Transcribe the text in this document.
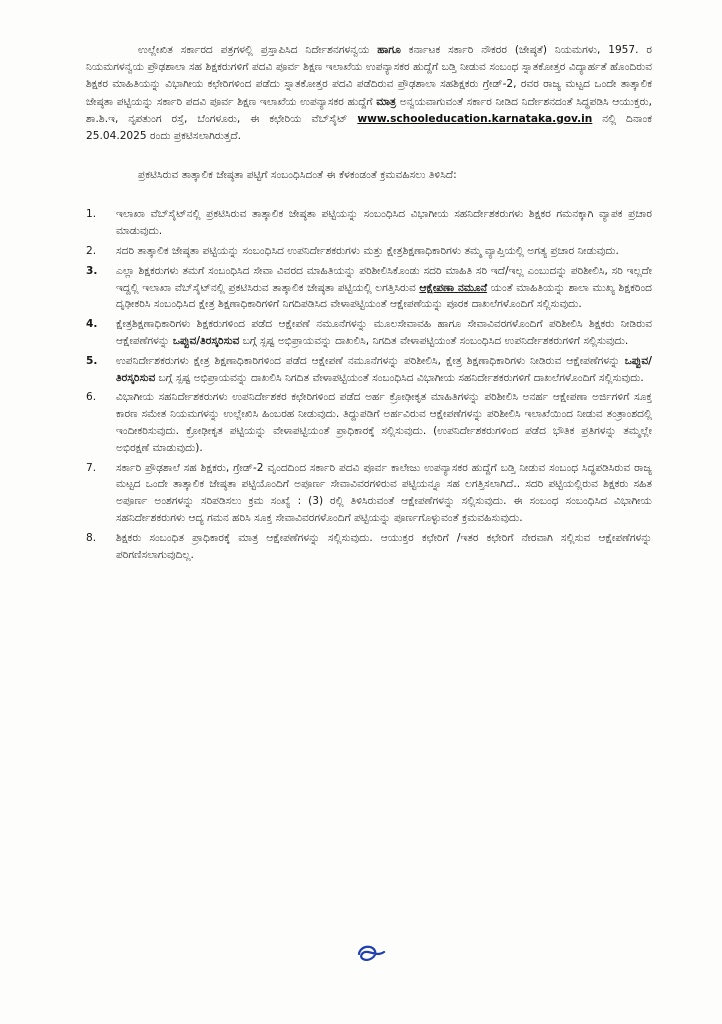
ಉಲ್ಲೇಖಿತ ಸರ್ಕಾರದ ಪತ್ರಗಳಲ್ಲಿ ಪ್ರಸ್ತಾಪಿಸಿದ ನಿರ್ದೇಶನಗಳನ್ವಯ ಹಾಗೂ ಕರ್ನಾಟಕ ಸರ್ಕಾರಿ ನೌಕರರ (ಜೇಷ್ಠತೆ) ನಿಯಮಗಳು, 1957. ರ ನಿಯಮಗಳನ್ವಯ ಪ್ರೌಢಶಾಲಾ ಸಹ ಶಿಕ್ಷಕರುಗಳಿಗೆ ಪದವಿ ಪೂರ್ವ ಶಿಕ್ಷಣ ಇಲಾಖೆಯ ಉಪನ್ಯಾಸಕರ ಹುದ್ದೆಗೆ ಬಡ್ತಿ ನೀಡುವ ಸಂಬಂಧ ಸ್ನಾತಕೋತ್ತರ ವಿದ್ಯಾರ್ಹತೆ ಹೊಂದಿರುವ ಶಿಕ್ಷಕರ ಮಾಹಿತಿಯನ್ನು ವಿಭಾಗೀಯ ಕಛೇರಿಗಳಿಂದ ಪಡೆದು ಸ್ನಾತಕೋತ್ತರ ಪದವಿ ಪಡೆದಿರುವ ಪ್ರೌಢಶಾಲಾ ಸಹಶಿಕ್ಷಕರು ಗ್ರೇಡ್-2, ರವರ ರಾಜ್ಯ ಮಟ್ಟದ ಒಂದೇ ತಾತ್ಕಾಲಿಕ ಜೇಷ್ಠತಾ ಪಟ್ಟಿಯನ್ನು ಸರ್ಕಾರಿ ಪದವಿ ಪೂರ್ವ ಶಿಕ್ಷಣ ಇಲಾಖೆಯ ಉಪನ್ಯಾಸಕರ ಹುದ್ದೆಗೆ ಮಾತ್ರ ಅನ್ವಯವಾಗುವಂತೆ ಸರ್ಕಾರ ನೀಡಿದ ನಿರ್ದೇಶನದಂತೆ ಸಿದ್ಧಪಡಿಸಿ ಆಯುಕ್ತರು, ಶಾ.ಶಿ.ಇ, ನೃಪತುಂಗ ರಸ್ತೆ, ಬೆಂಗಳೂರು, ಈ ಕಛೇರಿಯ ವೆಬ್‌ಸೈಟ್ www.schooleducation.karnataka.gov.in ನಲ್ಲಿ ದಿನಾಂಕ 25.04.2025 ರಂದು ಪ್ರಕಟಿಸಲಾಗಿರುತ್ತದೆ.

ಪ್ರಕಟಿಸಿರುವ ತಾತ್ಕಾಲಿಕ ಜೇಷ್ಠತಾ ಪಟ್ಟಿಗೆ ಸಂಬಂಧಿಸಿದಂತೆ ಈ ಕೆಳಕಂಡಂತೆ ಕ್ರಮವಹಿಸಲು ತಿಳಿಸಿದೆ:

1.	ಇಲಾಖಾ ವೆಬ್‌ಸೈಟ್‌ನಲ್ಲಿ ಪ್ರಕಟಿಸಿರುವ ತಾತ್ಕಾಲಿಕ ಜೇಷ್ಠತಾ ಪಟ್ಟಿಯನ್ನು ಸಂಬಂಧಿಸಿದ ವಿಭಾಗೀಯ ಸಹನಿರ್ದೇಶಕರುಗಳು ಶಿಕ್ಷಕರ ಗಮನಕ್ಕಾಗಿ ವ್ಯಾಪಕ ಪ್ರಚಾರ ಮಾಡುವುದು.
2.	ಸದರಿ ತಾತ್ಕಾಲಿಕ ಜೇಷ್ಠತಾ ಪಟ್ಟಿಯನ್ನು ಸಂಬಂಧಿಸಿದ ಉಪನಿರ್ದೇಶಕರುಗಳು ಮತ್ತು ಕ್ಷೇತ್ರಶಿಕ್ಷಣಾಧಿಕಾರಿಗಳು ತಮ್ಮ ವ್ಯಾಪ್ತಿಯಲ್ಲಿ ಅಗತ್ಯ ಪ್ರಚಾರ ನೀಡುವುದು.
3.	ಎಲ್ಲಾ ಶಿಕ್ಷಕರುಗಳು ತಮಗೆ ಸಂಬಂಧಿಸಿದ ಸೇವಾ ವಿವರದ ಮಾಹಿತಿಯನ್ನು ಪರಿಶೀಲಿಸಿಕೊಂಡು ಸದರಿ ಮಾಹಿತಿ ಸರಿ ಇದೆ/ಇಲ್ಲ ಎಂಬುದನ್ನು ಪರಿಶೀಲಿಸಿ, ಸರಿ ಇಲ್ಲದೇ ಇದ್ದಲ್ಲಿ ಇಲಾಖಾ ವೆಬ್‌ಸೈಟ್‌ನಲ್ಲಿ ಪ್ರಕಟಿಸಿರುವ ತಾತ್ಕಾಲಿಕ ಜೇಷ್ಠತಾ ಪಟ್ಟಿಯಲ್ಲಿ ಲಗತ್ತಿಸಿರುವ ಆಕ್ಷೇಪಣಾ ನಮೂನೆ ಯಂತೆ ಮಾಹಿತಿಯನ್ನು ಶಾಲಾ ಮುಖ್ಯ ಶಿಕ್ಷಕರಿಂದ ದೃಢೀಕರಿಸಿ ಸಂಬಂಧಿಸಿದ ಕ್ಷೇತ್ರ ಶಿಕ್ಷಣಾಧಿಕಾರಿಗಳಿಗೆ ನಿಗದಿಪಡಿಸಿದ ವೇಳಾಪಟ್ಟಿಯಂತೆ ಆಕ್ಷೇಪಣೆಯನ್ನು ಪೂರಕ ದಾಖಲೆಗಳೊಂದಿಗೆ ಸಲ್ಲಿಸುವುದು.
4.	ಕ್ಷೇತ್ರಶಿಕ್ಷಣಾಧಿಕಾರಿಗಳು ಶಿಕ್ಷಕರುಗಳಿಂದ ಪಡೆದ ಆಕ್ಷೇಪಣೆ ನಮೂನೆಗಳನ್ನು ಮೂಲಸೇವಾವಹಿ ಹಾಗೂ ಸೇವಾವಿವರಗಳೊಂದಿಗೆ ಪರಿಶೀಲಿಸಿ ಶಿಕ್ಷಕರು ನೀಡಿರುವ ಆಕ್ಷೇಪಣೆಗಳನ್ನು ಒಪ್ಪುವ/ತಿರಸ್ಕರಿಸುವ ಬಗ್ಗೆ ಸ್ಪಷ್ಟ ಅಭಿಪ್ರಾಯವನ್ನು ದಾಖಲಿಸಿ, ನಿಗದಿತ ವೇಳಾಪಟ್ಟಿಯಂತೆ ಸಂಬಂಧಿಸಿದ ಉಪನಿರ್ದೇಶಕರುಗಳಿಗೆ ಸಲ್ಲಿಸುವುದು.
5.	ಉಪನಿರ್ದೇಶಕರುಗಳು ಕ್ಷೇತ್ರ ಶಿಕ್ಷಣಾಧಿಕಾರಿಗಳಿಂದ ಪಡೆದ ಆಕ್ಷೇಪಣೆ ನಮೂನೆಗಳನ್ನು ಪರಿಶೀಲಿಸಿ, ಕ್ಷೇತ್ರ ಶಿಕ್ಷಣಾಧಿಕಾರಿಗಳು ನೀಡಿರುವ ಆಕ್ಷೇಪಣೆಗಳನ್ನು ಒಪ್ಪುವ/ತಿರಸ್ಕರಿಸುವ ಬಗ್ಗೆ ಸ್ಪಷ್ಟ ಅಭಿಪ್ರಾಯವನ್ನು ದಾಖಲಿಸಿ ನಿಗದಿತ ವೇಳಾಪಟ್ಟಿಯಂತೆ ಸಂಬಂಧಿಸಿದ ವಿಭಾಗೀಯ ಸಹನಿರ್ದೇಶಕರುಗಳಿಗೆ ದಾಖಲೆಗಳೊಂದಿಗೆ ಸಲ್ಲಿಸುವುದು.
6.	ವಿಭಾಗೀಯ ಸಹನಿರ್ದೇಶಕರುಗಳು ಉಪನಿರ್ದೇಶಕರ ಕಛೇರಿಗಳಿಂದ ಪಡೆದ ಅರ್ಹ ಕ್ರೋಢೀಕೃತ ಮಾಹಿತಿಗಳನ್ನು ಪರಿಶೀಲಿಸಿ ಅನರ್ಹ ಆಕ್ಷೇಪಣಾ ಅರ್ಜಿಗಳಿಗೆ ಸೂಕ್ತ ಕಾರಣ ಸಮೇತ ನಿಯಮಗಳನ್ನು ಉಲ್ಲೇಖಿಸಿ ಹಿಂಬರಹ ನೀಡುವುದು. ತಿದ್ದುಪಡಿಗೆ ಅರ್ಹವಿರುವ ಆಕ್ಷೇಪಣೆಗಳನ್ನು ಪರಿಶೀಲಿಸಿ ಇಲಾಖೆಯಿಂದ ನೀಡುವ ತಂತ್ರಾಂಶದಲ್ಲಿ ಇಂದೀಕರಿಸುವುದು. ಕ್ರೋಢೀಕೃತ ಪಟ್ಟಿಯನ್ನು ವೇಳಾಪಟ್ಟಿಯಂತೆ ಪ್ರಾಧಿಕಾರಕ್ಕೆ ಸಲ್ಲಿಸುವುದು. (ಉಪನಿರ್ದೇಶಕರುಗಳಿಂದ ಪಡೆದ ಭೌತಿಕ ಪ್ರತಿಗಳನ್ನು ತಮ್ಮಲ್ಲೇ ಅಭಿರಕ್ಷಣೆ ಮಾಡುವುದು).
7.	ಸರ್ಕಾರಿ ಪ್ರೌಢಶಾಲೆ ಸಹ ಶಿಕ್ಷಕರು, ಗ್ರೇಡ್-2 ವೃಂದದಿಂದ ಸರ್ಕಾರಿ ಪದವಿ ಪೂರ್ವ ಕಾಲೇಜು ಉಪನ್ಯಾಸಕರ ಹುದ್ದೆಗೆ ಬಡ್ತಿ ನೀಡುವ ಸಂಬಂಧ ಸಿದ್ಧಪಡಿಸಿರುವ ರಾಜ್ಯ ಮಟ್ಟದ ಒಂದೇ ತಾತ್ಕಾಲಿಕ ಜೇಷ್ಠತಾ ಪಟ್ಟಿಯೊಂದಿಗೆ ಅಪೂರ್ಣ ಸೇವಾವಿವರಗಳಿರುವ ಪಟ್ಟಿಯನ್ನೂ ಸಹ ಲಗತ್ತಿಸಲಾಗಿದೆ.. ಸದರಿ ಪಟ್ಟಿಯಲ್ಲಿರುವ ಶಿಕ್ಷಕರು ಸಹಿತ ಅಪೂರ್ಣ ಅಂಶಗಳನ್ನು ಸರಿಪಡಿಸಲು ಕ್ರಮ ಸಂಖ್ಯೆ : (3) ರಲ್ಲಿ ತಿಳಿಸಿರುವಂತೆ ಆಕ್ಷೇಪಣೆಗಳನ್ನು ಸಲ್ಲಿಸುವುದು. ಈ ಸಂಬಂಧ ಸಂಬಂಧಿಸಿದ ವಿಭಾಗೀಯ ಸಹನಿರ್ದೇಶಕರುಗಳು ಆದ್ಯ ಗಮನ ಹರಿಸಿ ಸೂಕ್ತ ಸೇವಾವಿವರಗಳೊಂದಿಗೆ ಪಟ್ಟಿಯನ್ನು ಪೂರ್ಣಗೊಳ್ಳುವಂತೆ ಕ್ರಮವಹಿಸುವುದು.
8.	ಶಿಕ್ಷಕರು ಸಂಬಂಧಿತ ಪ್ರಾಧಿಕಾರಕ್ಕೆ ಮಾತ್ರ ಆಕ್ಷೇಪಣೆಗಳನ್ನು ಸಲ್ಲಿಸುವುದು. ಆಯುಕ್ತರ ಕಛೇರಿಗೆ /ಇತರ ಕಛೇರಿಗೆ ನೇರವಾಗಿ ಸಲ್ಲಿಸುವ ಆಕ್ಷೇಪಣೆಗಳನ್ನು ಪರಿಗಣಿಸಲಾಗುವುದಿಲ್ಲ.
